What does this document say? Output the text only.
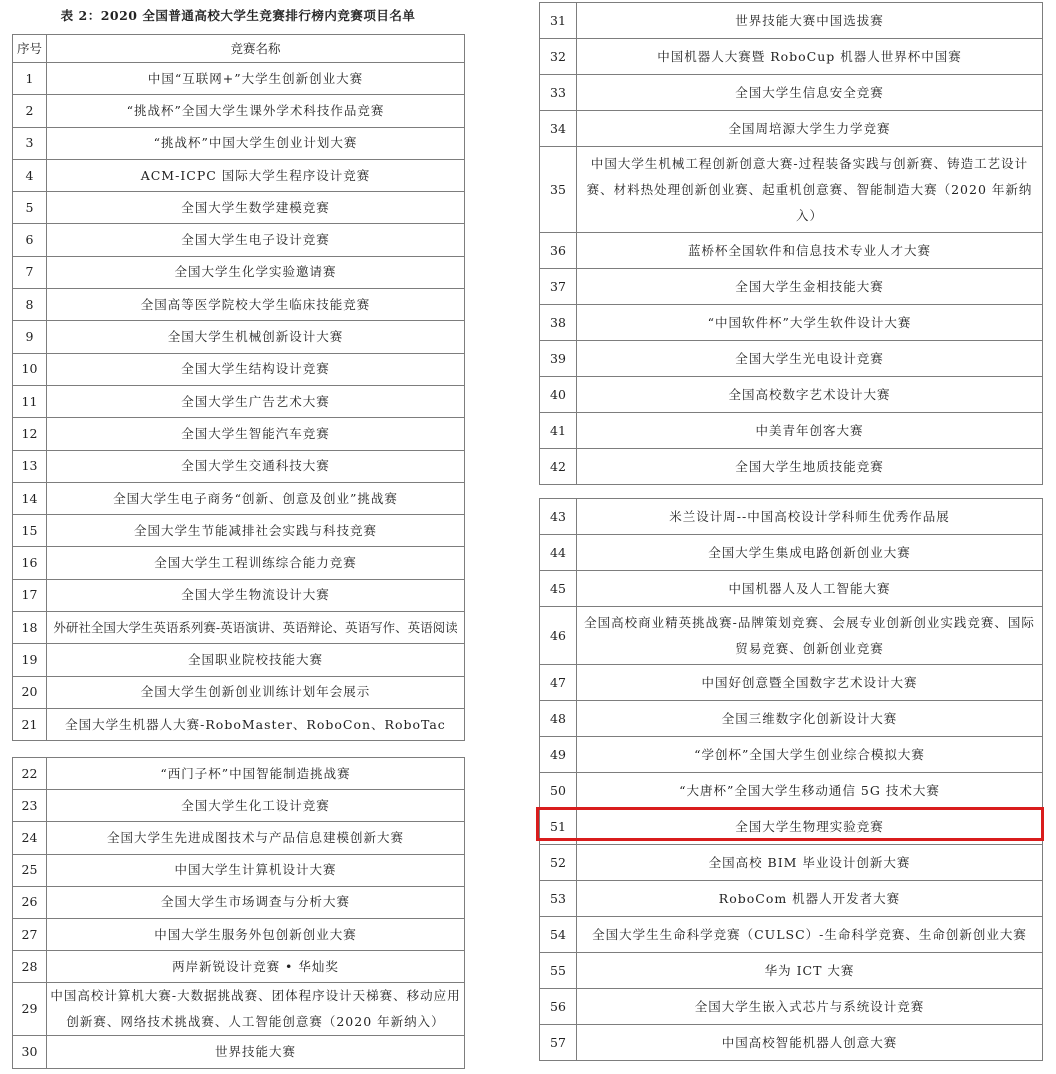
表 2：2020 全国普通高校大学生竞赛排行榜内竞赛项目名单
序号	竞赛名称
1	中国“互联网+”大学生创新创业大赛
2	“挑战杯”全国大学生课外学术科技作品竞赛
3	“挑战杯”中国大学生创业计划大赛
4	ACM-ICPC 国际大学生程序设计竞赛
5	全国大学生数学建模竞赛
6	全国大学生电子设计竞赛
7	全国大学生化学实验邀请赛
8	全国高等医学院校大学生临床技能竞赛
9	全国大学生机械创新设计大赛
10	全国大学生结构设计竞赛
11	全国大学生广告艺术大赛
12	全国大学生智能汽车竞赛
13	全国大学生交通科技大赛
14	全国大学生电子商务“创新、创意及创业”挑战赛
15	全国大学生节能减排社会实践与科技竞赛
16	全国大学生工程训练综合能力竞赛
17	全国大学生物流设计大赛
18	外研社全国大学生英语系列赛-英语演讲、英语辩论、英语写作、英语阅读
19	全国职业院校技能大赛
20	全国大学生创新创业训练计划年会展示
21	全国大学生机器人大赛-RoboMaster、RoboCon、RoboTac
22	“西门子杯”中国智能制造挑战赛
23	全国大学生化工设计竞赛
24	全国大学生先进成图技术与产品信息建模创新大赛
25	中国大学生计算机设计大赛
26	全国大学生市场调查与分析大赛
27	中国大学生服务外包创新创业大赛
28	两岸新锐设计竞赛 • 华灿奖
29	中国高校计算机大赛-大数据挑战赛、团体程序设计天梯赛、移动应用创新赛、网络技术挑战赛、人工智能创意赛（2020 年新纳入）
30	世界技能大赛
31	世界技能大赛中国选拔赛
32	中国机器人大赛暨 RoboCup 机器人世界杯中国赛
33	全国大学生信息安全竞赛
34	全国周培源大学生力学竞赛
35	中国大学生机械工程创新创意大赛-过程装备实践与创新赛、铸造工艺设计赛、材料热处理创新创业赛、起重机创意赛、智能制造大赛（2020 年新纳入）
36	蓝桥杯全国软件和信息技术专业人才大赛
37	全国大学生金相技能大赛
38	“中国软件杯”大学生软件设计大赛
39	全国大学生光电设计竞赛
40	全国高校数字艺术设计大赛
41	中美青年创客大赛
42	全国大学生地质技能竞赛
43	米兰设计周--中国高校设计学科师生优秀作品展
44	全国大学生集成电路创新创业大赛
45	中国机器人及人工智能大赛
46	全国高校商业精英挑战赛-品牌策划竞赛、会展专业创新创业实践竞赛、国际贸易竞赛、创新创业竞赛
47	中国好创意暨全国数字艺术设计大赛
48	全国三维数字化创新设计大赛
49	“学创杯”全国大学生创业综合模拟大赛
50	“大唐杯”全国大学生移动通信 5G 技术大赛
51	全国大学生物理实验竞赛
52	全国高校 BIM 毕业设计创新大赛
53	RoboCom 机器人开发者大赛
54	全国大学生生命科学竞赛（CULSC）-生命科学竞赛、生命创新创业大赛
55	华为 ICT 大赛
56	全国大学生嵌入式芯片与系统设计竞赛
57	中国高校智能机器人创意大赛
